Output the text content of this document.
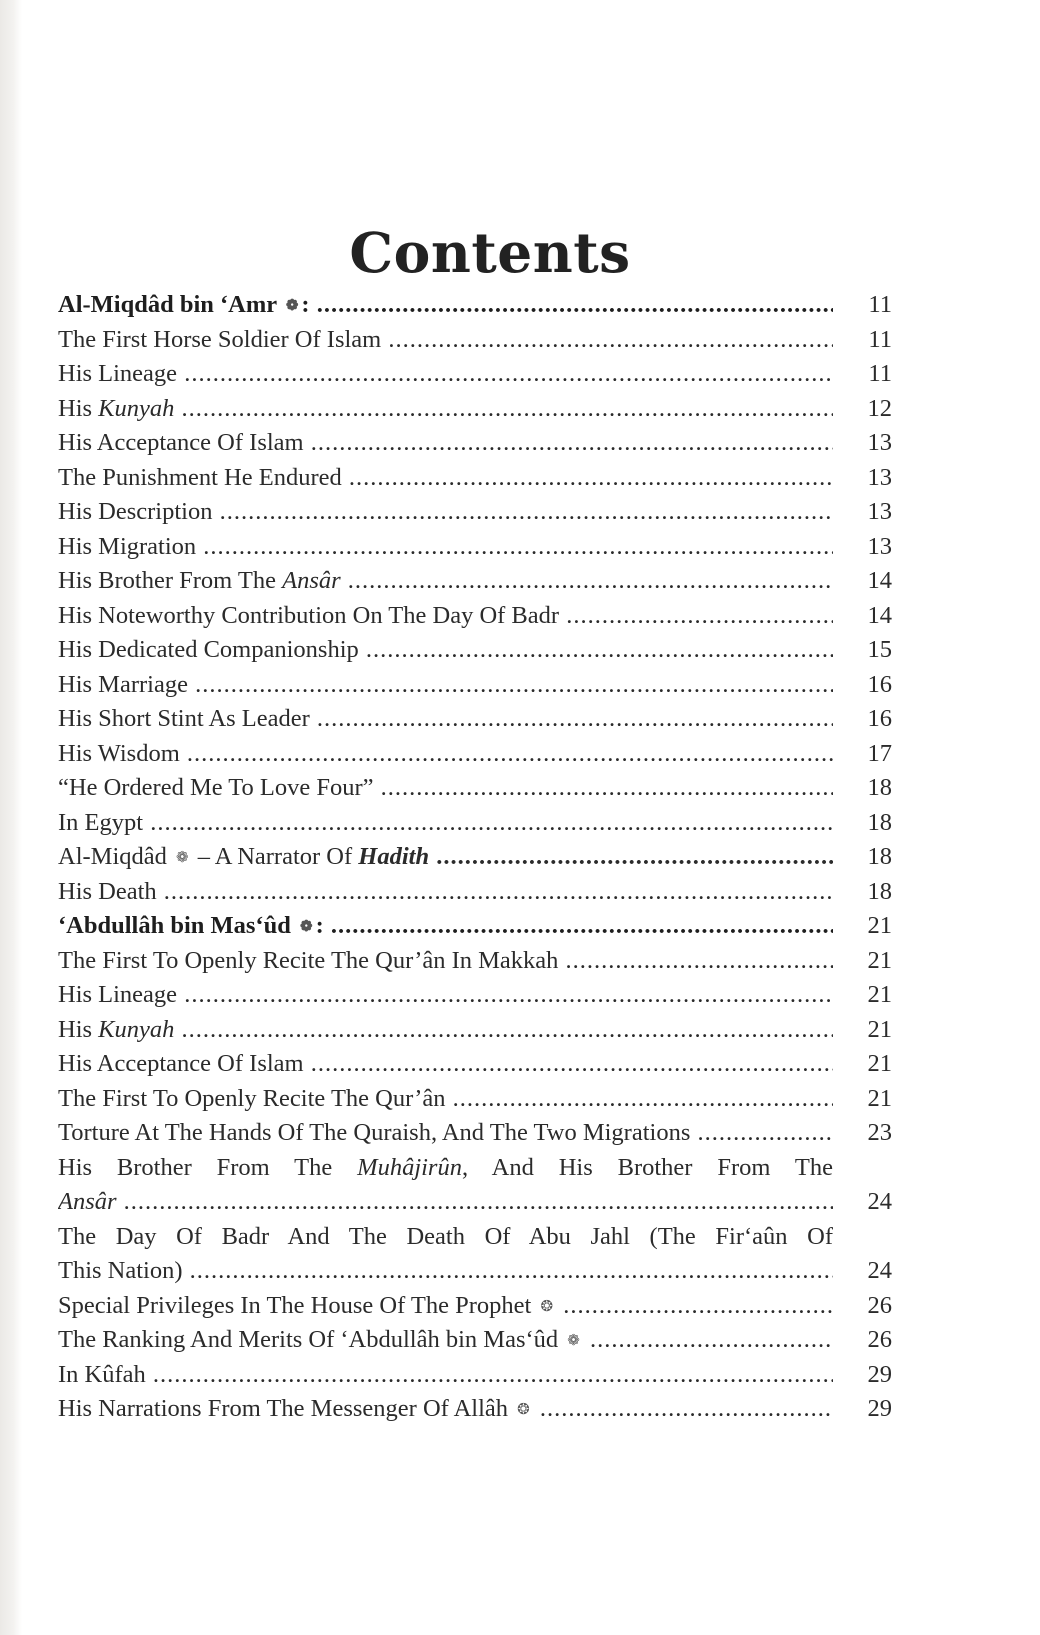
Contents
Al-Miqdâd bin ‘Amr ❁ : .....	11
The First Horse Soldier Of Islam .....	11
His Lineage .....	11
His Kunyah .....	12
His Acceptance Of Islam .....	13
The Punishment He Endured .....	13
His Description .....	13
His Migration .....	13
His Brother From The Ansâr .....	14
His Noteworthy Contribution On The Day Of Badr .....	14
His Dedicated Companionship .....	15
His Marriage .....	16
His Short Stint As Leader .....	16
His Wisdom .....	17
“He Ordered Me To Love Four” .....	18
In Egypt .....	18
Al-Miqdâd ❁ – A Narrator Of Hadith .....	18
His Death .....	18
‘Abdullâh bin Mas‘ûd ❁ : .....	21
The First To Openly Recite The Qur’ân In Makkah .....	21
His Lineage .....	21
His Kunyah .....	21
His Acceptance Of Islam .....	21
The First To Openly Recite The Qur’ân .....	21
Torture At The Hands Of The Quraish, And The Two Migrations .....	23
His Brother From The Muhâjirûn, And His Brother From The
Ansâr .....	24
The Day Of Badr And The Death Of Abu Jahl (The Fir‘aûn Of
This Nation) .....	24
Special Privileges In The House Of The Prophet ❂ .....	26
The Ranking And Merits Of ‘Abdullâh bin Mas‘ûd ❁ .....	26
In Kûfah .....	29
His Narrations From The Messenger Of Allâh ❂ .....	29
